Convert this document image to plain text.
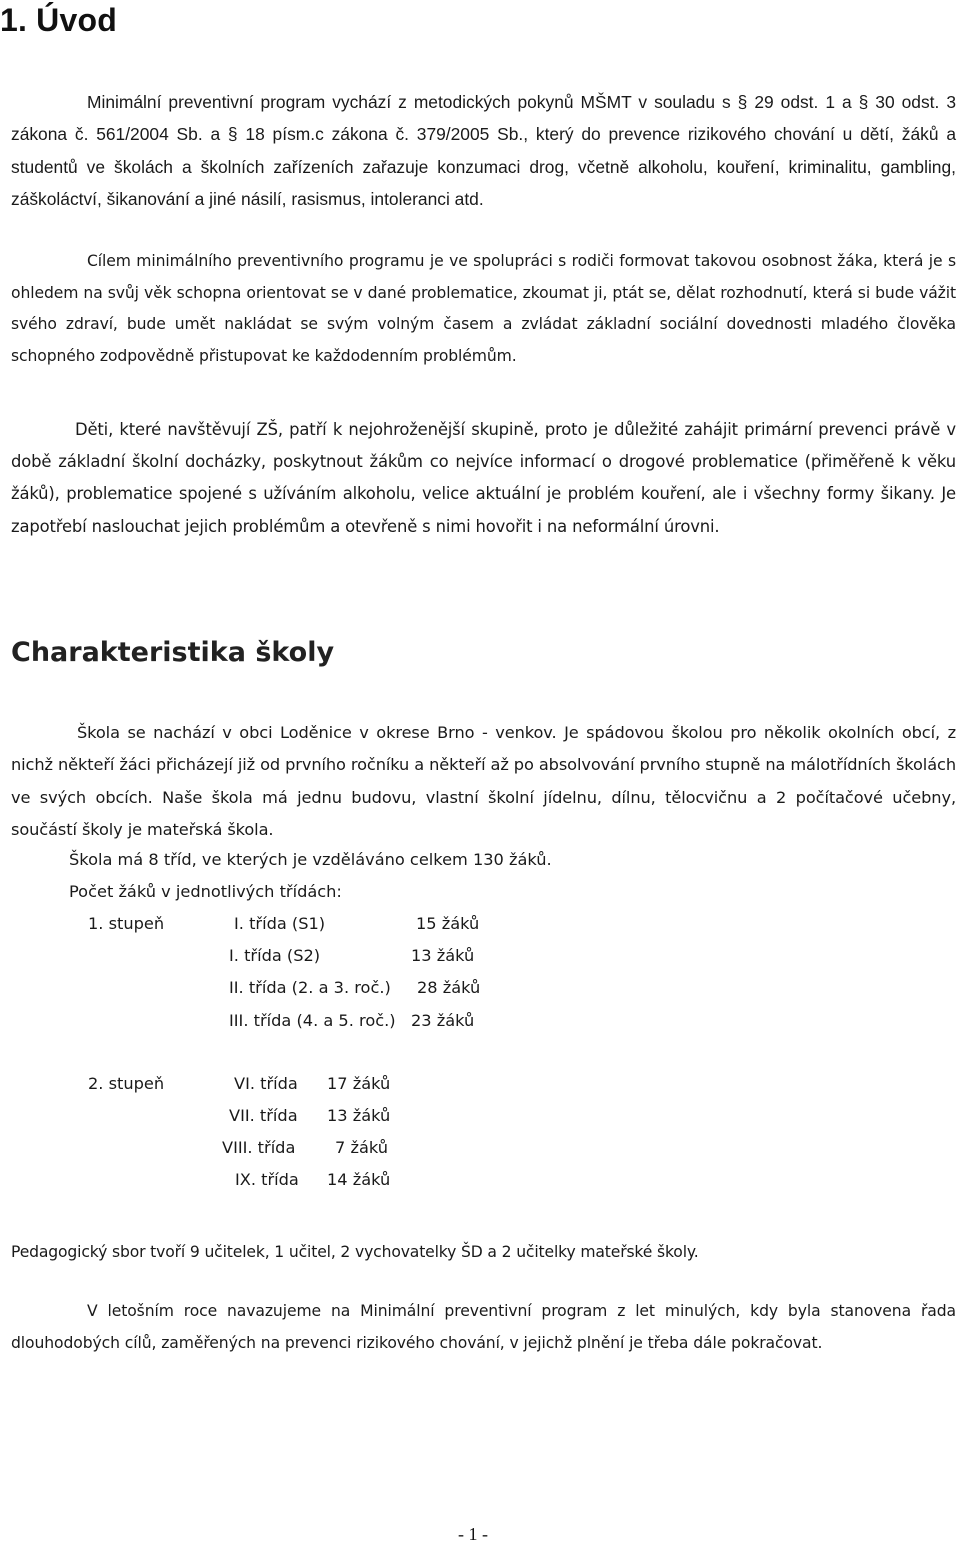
1. Úvod

Minimální preventivní program vychází z metodických pokynů MŠMT v souladu s § 29 odst. 1 a § 30 odst. 3 zákona č. 561/2004 Sb. a § 18 písm.c zákona č. 379/2005 Sb., který do prevence rizikového chování u dětí, žáků a studentů ve školách a školních zařízeních zařazuje konzumaci drog, včetně alkoholu, kouření, kriminalitu, gambling, záškoláctví, šikanování a jiné násilí, rasismus, intoleranci atd.

Cílem minimálního preventivního programu je ve spolupráci s rodiči formovat takovou osobnost žáka, která je s ohledem na svůj věk schopna orientovat se v dané problematice, zkoumat ji, ptát se, dělat rozhodnutí, která si bude vážit svého zdraví, bude umět nakládat se svým volným časem a zvládat základní sociální dovednosti mladého člověka schopného zodpovědně přistupovat ke každodenním problémům.

Děti, které navštěvují ZŠ, patří k nejohroženější skupině, proto je důležité zahájit primární prevenci právě v době základní školní docházky, poskytnout žákům co nejvíce informací o drogové problematice (přiměřeně k věku žáků), problematice spojené s užíváním alkoholu, velice aktuální je problém kouření, ale i všechny formy šikany. Je zapotřebí naslouchat jejich problémům a otevřeně s nimi hovořit i na neformální úrovni.

Charakteristika školy

Škola se nachází v obci Loděnice v okrese Brno - venkov. Je spádovou školou pro několik okolních obcí, z nichž někteří žáci přicházejí již od prvního ročníku a někteří až po absolvování prvního stupně na málotřídních školách ve svých obcích. Naše škola má jednu budovu, vlastní školní jídelnu, dílnu, tělocvičnu a 2 počítačové učebny, součástí školy je mateřská škola.

Škola má 8 tříd, ve kterých je vzděláváno celkem 130 žáků.
Počet žáků v jednotlivých třídách:
1. stupeň	I. třída (S1)	15 žáků
I. třída (S2)	13 žáků
II. třída (2. a 3. roč.) 28 žáků
III. třída (4. a 5. roč.) 23 žáků
2. stupeň	VI. třída 17 žáků
VII. třída 13 žáků
VIII. třída 7 žáků
IX. třída 14 žáků

Pedagogický sbor tvoří 9 učitelek, 1 učitel, 2 vychovatelky ŠD a 2 učitelky mateřské školy.

V letošním roce navazujeme na Minimální preventivní program z let minulých, kdy byla stanovena řada dlouhodobých cílů, zaměřených na prevenci rizikového chování, v jejichž plnění je třeba dále pokračovat.

- 1 -
